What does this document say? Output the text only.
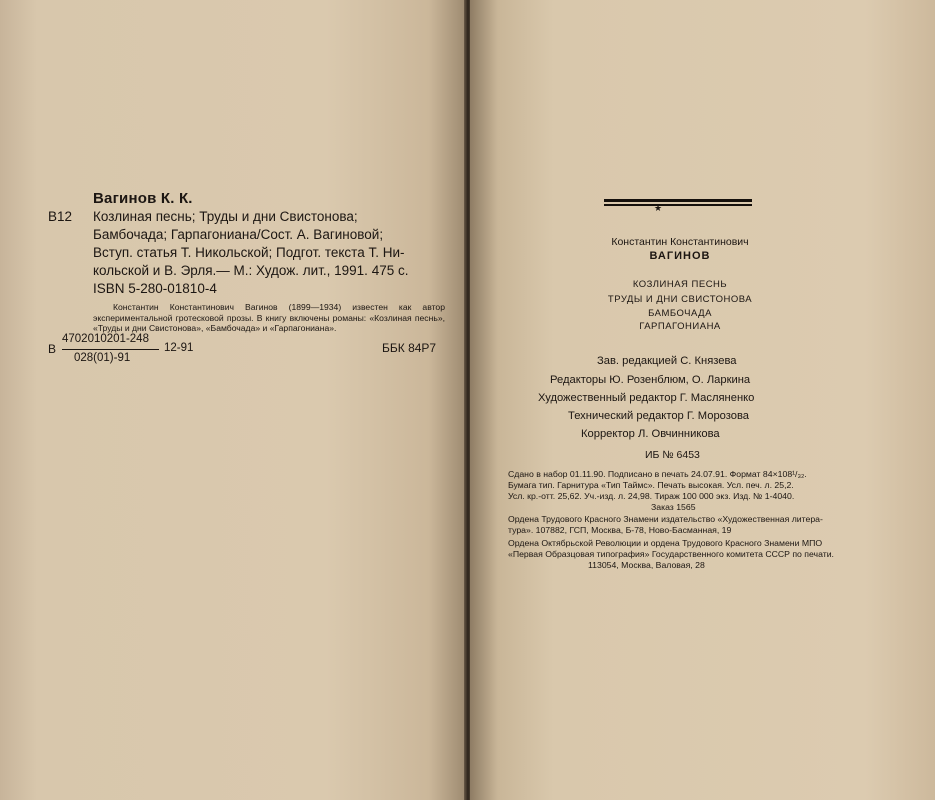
Вагинов К. К.
В12 Козлиная песнь; Труды и дни Свистонова;
Бамбочада; Гарпагониана/Сост. А. Вагиновой;
Вступ. статья Т. Никольской; Подгот. текста Т. Ни-
кольской и В. Эрля.— М.: Худож. лит., 1991. 475 с.
ISBN 5-280-01810-4
Константин Константинович Вагинов (1899—1934) известен как автор экспериментальной гротесковой прозы. В книгу включены романы: «Козлиная песнь», «Труды и дни Свистонова», «Бамбочада» и «Гарпагониана».
В
4702010201-248
028(01)-91
12-91	ББК 84Р7
★
Константин Константинович
ВАГИНОВ
КОЗЛИНАЯ ПЕСНЬ
ТРУДЫ И ДНИ СВИСТОНОВА
БАМБОЧАДА
ГАРПАГОНИАНА
Зав. редакцией С. Князева
Редакторы Ю. Розенблюм, О. Ларкина
Художественный редактор Г. Масляненко
Технический редактор Г. Морозова
Корректор Л. Овчинникова
ИБ № 6453
Сдано в набор 01.11.90. Подписано в печать 24.07.91. Формат 84×108¹/₃₂.
Бумага тип. Гарнитура «Тип Таймс». Печать высокая. Усл. печ. л. 25,2.
Усл. кр.-отт. 25,62. Уч.-изд. л. 24,98. Тираж 100 000 экз. Изд. № 1-4040.
Заказ 1565
Ордена Трудового Красного Знамени издательство «Художественная литера-
тура». 107882, ГСП, Москва, Б-78, Ново-Басманная, 19
Ордена Октябрьской Революции и ордена Трудового Красного Знамени МПО
«Первая Образцовая типография» Государственного комитета СССР по печати.
113054, Москва, Валовая, 28
